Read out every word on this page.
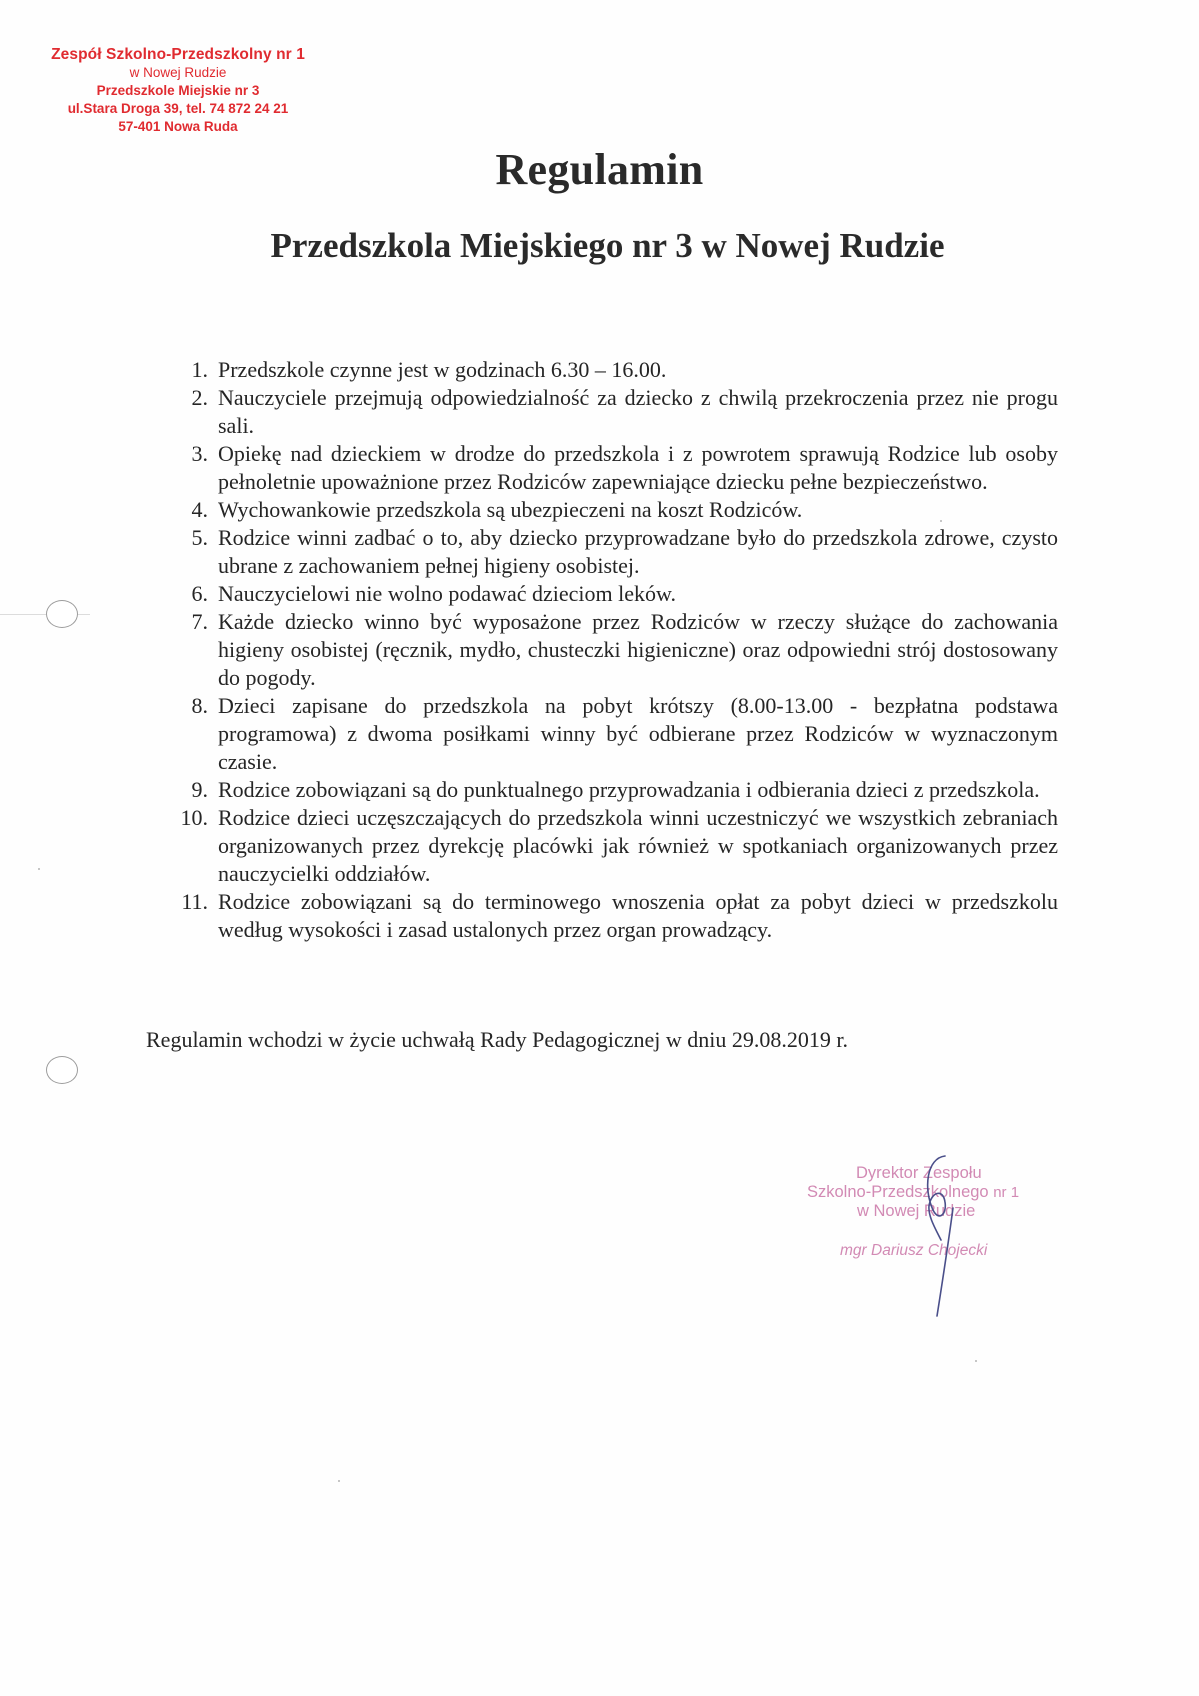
Zespół Szkolno-Przedszkolny nr 1
w Nowej Rudzie
Przedszkole Miejskie nr 3
ul.Stara Droga 39, tel. 74 872 24 21
57-401 Nowa Ruda
Regulamin
Przedszkola Miejskiego nr 3 w Nowej Rudzie
1. Przedszkole czynne jest w godzinach 6.30 – 16.00.
2. Nauczyciele przejmują odpowiedzialność za dziecko z chwilą przekroczenia przez nie progu sali.
3. Opiekę nad dzieckiem w drodze do przedszkola i z powrotem sprawują Rodzice lub osoby pełnoletnie upoważnione przez Rodziców zapewniające dziecku pełne bezpieczeństwo.
4. Wychowankowie przedszkola są ubezpieczeni na koszt Rodziców.
5. Rodzice winni zadbać o to, aby dziecko przyprowadzane było do przedszkola zdrowe, czysto ubrane z zachowaniem pełnej higieny osobistej.
6. Nauczycielowi nie wolno podawać dzieciom leków.
7. Każde dziecko winno być wyposażone przez Rodziców w rzeczy służące do zachowania higieny osobistej (ręcznik, mydło, chusteczki higieniczne) oraz odpowiedni strój dostosowany do pogody.
8. Dzieci zapisane do przedszkola na pobyt krótszy (8.00-13.00 - bezpłatna podstawa programowa) z dwoma posiłkami winny być odbierane przez Rodziców w wyznaczonym czasie.
9. Rodzice zobowiązani są do punktualnego przyprowadzania i odbierania dzieci z przedszkola.
10. Rodzice dzieci uczęszczających do przedszkola winni uczestniczyć we wszystkich zebraniach organizowanych przez dyrekcję placówki jak również w spotkaniach organizowanych przez nauczycielki oddziałów.
11. Rodzice zobowiązani są do terminowego wnoszenia opłat za pobyt dzieci w przedszkolu według wysokości i zasad ustalonych przez organ prowadzący.

Regulamin wchodzi w życie uchwałą Rady Pedagogicznej w dniu 29.08.2019 r.

Dyrektor Zespołu
Szkolno-Przedszkolnego nr 1
w Nowej Rudzie
mgr Dariusz Chojecki
